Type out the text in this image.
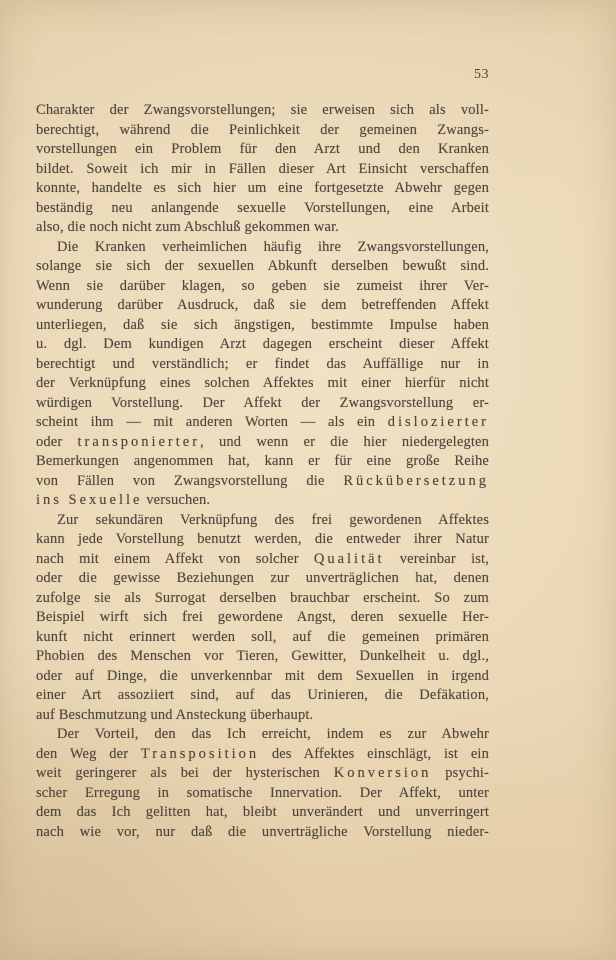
53
Charakter der Zwangsvorstellungen; sie erweisen sich als voll-
berechtigt, während die Peinlichkeit der gemeinen Zwangs-
vorstellungen ein Problem für den Arzt und den Kranken
bildet. Soweit ich mir in Fällen dieser Art Einsicht verschaffen
konnte, handelte es sich hier um eine fortgesetzte Abwehr gegen
beständig neu anlangende sexuelle Vorstellungen, eine Arbeit
also, die noch nicht zum Abschluß gekommen war.
Die Kranken verheimlichen häufig ihre Zwangsvorstellungen,
solange sie sich der sexuellen Abkunft derselben bewußt sind.
Wenn sie darüber klagen, so geben sie zumeist ihrer Ver-
wunderung darüber Ausdruck, daß sie dem betreffenden Affekt
unterliegen, daß sie sich ängstigen, bestimmte Impulse haben
u. dgl. Dem kundigen Arzt dagegen erscheint dieser Affekt
berechtigt und verständlich; er findet das Auffällige nur in
der Verknüpfung eines solchen Affektes mit einer hierfür nicht
würdigen Vorstellung. Der Affekt der Zwangsvorstellung er-
scheint ihm — mit anderen Worten — als ein dislozierter
oder transponierter, und wenn er die hier niedergelegten
Bemerkungen angenommen hat, kann er für eine große Reihe
von Fällen von Zwangsvorstellung die Rückübersetzung
ins Sexuelle versuchen.
Zur sekundären Verknüpfung des frei gewordenen Affektes
kann jede Vorstellung benutzt werden, die entweder ihrer Natur
nach mit einem Affekt von solcher Qualität vereinbar ist,
oder die gewisse Beziehungen zur unverträglichen hat, denen
zufolge sie als Surrogat derselben brauchbar erscheint. So zum
Beispiel wirft sich frei gewordene Angst, deren sexuelle Her-
kunft nicht erinnert werden soll, auf die gemeinen primären
Phobien des Menschen vor Tieren, Gewitter, Dunkelheit u. dgl.,
oder auf Dinge, die unverkennbar mit dem Sexuellen in irgend
einer Art assoziiert sind, auf das Urinieren, die Defäkation,
auf Beschmutzung und Ansteckung überhaupt.
Der Vorteil, den das Ich erreicht, indem es zur Abwehr
den Weg der Transposition des Affektes einschlägt, ist ein
weit geringerer als bei der hysterischen Konversion psychi-
scher Erregung in somatische Innervation. Der Affekt, unter
dem das Ich gelitten hat, bleibt unverändert und unverringert
nach wie vor, nur daß die unverträgliche Vorstellung nieder-
